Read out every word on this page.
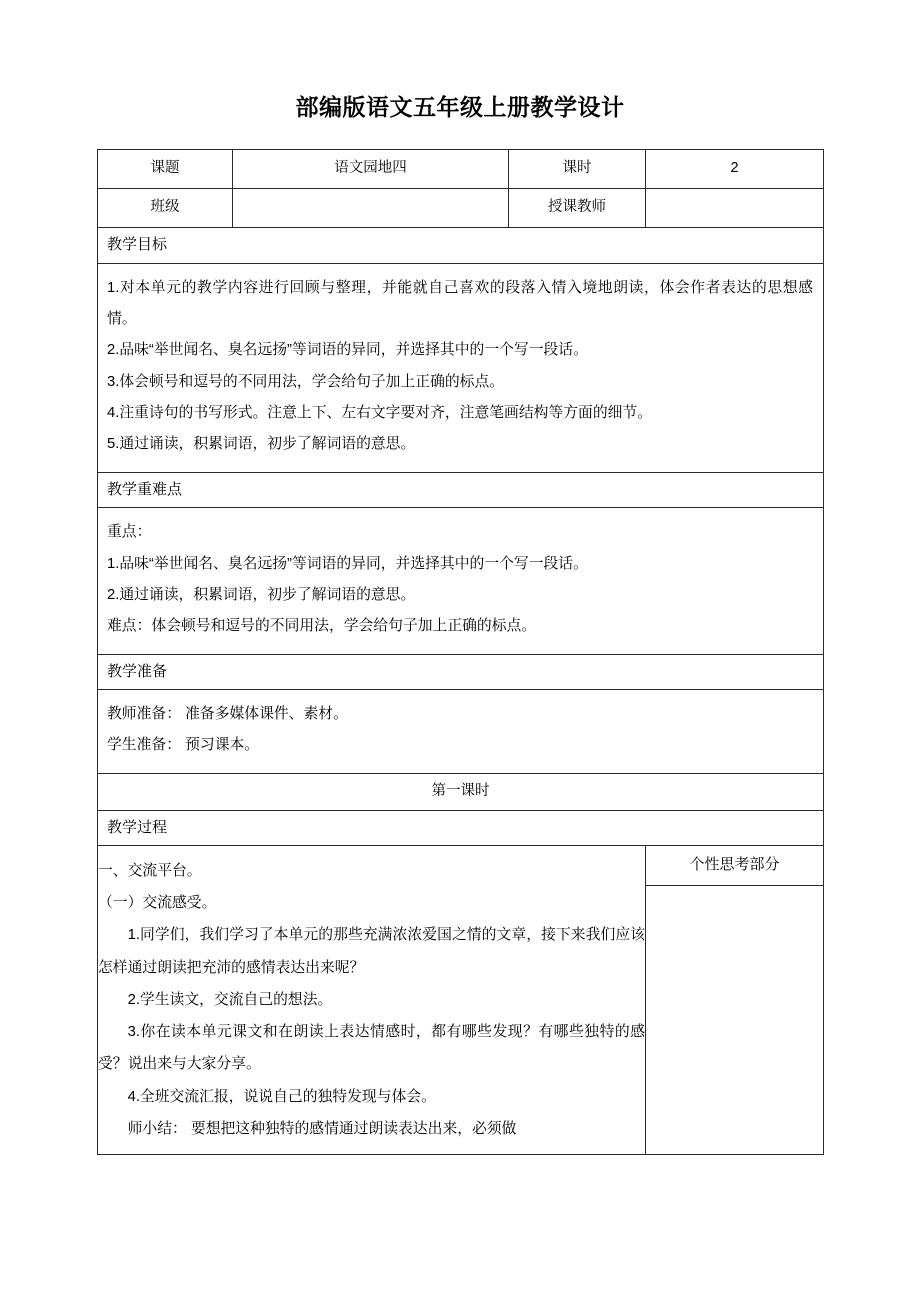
部编版语文五年级上册教学设计
课题	语文园地四	课时	2
班级		授课教师	

教学目标			

1.对本单元的教学内容进行回顾与整理，并能就自己喜欢的段落入情入境地朗读，体会作者表达的思想感情。

2.品味“举世闻名、臭名远扬”等词语的异同，并选择其中的一个写一段话。

3.体会顿号和逗号的不同用法，学会给句子加上正确的标点。

4.注重诗句的书写形式。注意上下、左右文字要对齐，注意笔画结构等方面的细节。

5.通过诵读，积累词语，初步了解词语的意思。			

教学重难点			

重点：

1.品味“举世闻名、臭名远扬”等词语的异同，并选择其中的一个写一段话。

2.通过诵读，积累词语，初步了解词语的意思。

难点：体会顿号和逗号的不同用法，学会给句子加上正确的标点。			

教学准备			

教师准备： 准备多媒体课件、素材。

学生准备： 预习课本。			

第一课时			

教学过程			

一、交流平台。

（一）交流感受。

1.同学们，我们学习了本单元的那些充满浓浓爱国之情的文章，接下来我们应该怎样通过朗读把充沛的感情表达出来呢？

2.学生读文，交流自己的想法。

3.你在读本单元课文和在朗读上表达情感时，都有哪些发现？有哪些独特的感受？说出来与大家分享。

4.全班交流汇报，说说自己的独特发现与体会。

师小结： 要想把这种独特的感情通过朗读表达出来，必须做

个性思考部分
